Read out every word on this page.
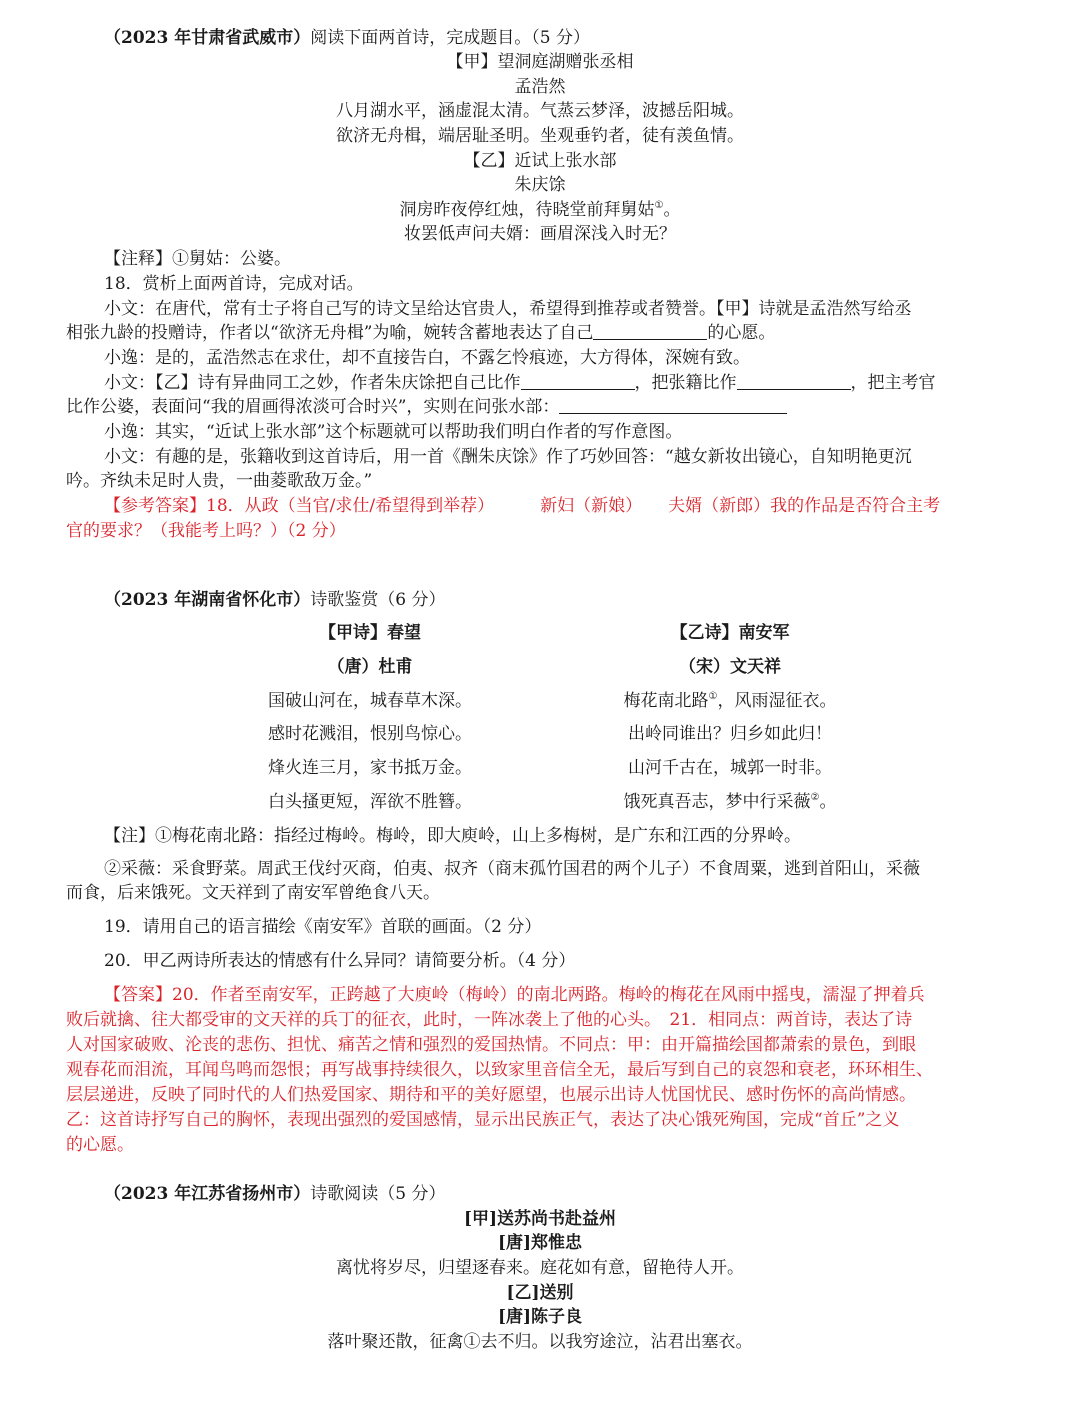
（2023 年甘肃省武威市）阅读下面两首诗，完成题目。（5 分）
【甲】望洞庭湖赠张丞相
孟浩然
八月湖水平，涵虚混太清。气蒸云梦泽，波撼岳阳城。
欲济无舟楫，端居耻圣明。坐观垂钓者，徒有羡鱼情。
【乙】近试上张水部
朱庆馀
洞房昨夜停红烛，待晓堂前拜舅姑①。
妆罢低声问夫婿：画眉深浅入时无？
【注释】①舅姑：公婆。
18．赏析上面两首诗，完成对话。
小文：在唐代，常有士子将自己写的诗文呈给达官贵人，希望得到推荐或者赞誉。【甲】诗就是孟浩然写给丞
相张九龄的投赠诗，作者以“欲济无舟楫”为喻，婉转含蓄地表达了自己	的心愿。
小逸：是的，孟浩然志在求仕，却不直接告白，不露乞怜痕迹，大方得体，深婉有致。
小文：【乙】诗有异曲同工之妙，作者朱庆馀把自己比作	，把张籍比作	，把主考官
比作公婆，表面问“我的眉画得浓淡可合时兴”，实则在问张水部：
小逸：其实，“近试上张水部”这个标题就可以帮助我们明白作者的写作意图。
小文：有趣的是，张籍收到这首诗后，用一首《酬朱庆馀》作了巧妙回答：“越女新妆出镜心，自知明艳更沉
吟。齐纨未足时人贵，一曲菱歌敌万金。”
【参考答案】18．从政（当官/求仕/希望得到举荐）	新妇（新娘） 夫婿（新郎）我的作品是否符合主考
官的要求？（我能考上吗？）（2 分）
（2023 年湖南省怀化市）诗歌鉴赏（6 分）
【甲诗】春望
（唐）杜甫
国破山河在，城春草木深。
感时花溅泪，恨别鸟惊心。
烽火连三月，家书抵万金。
白头搔更短，浑欲不胜簪。
【乙诗】南安军
（宋）文天祥
梅花南北路①，风雨湿征衣。
出岭同谁出？归乡如此归！
山河千古在，城郭一时非。
饿死真吾志，梦中行采薇②。
【注】①梅花南北路：指经过梅岭。梅岭，即大庾岭，山上多梅树，是广东和江西的分界岭。
②采薇：采食野菜。周武王伐纣灭商，伯夷、叔齐（商末孤竹国君的两个儿子）不食周粟，逃到首阳山，采薇
而食，后来饿死。文天祥到了南安军曾绝食八天。
19．请用自己的语言描绘《南安军》首联的画面。（2 分）
20．甲乙两诗所表达的情感有什么异同？请简要分析。（4 分）
【答案】20．作者至南安军，正跨越了大庾岭（梅岭）的南北两路。梅岭的梅花在风雨中摇曳，濡湿了押着兵
败后就擒、往大都受审的文天祥的兵丁的征衣，此时，一阵冰袭上了他的心头。　21．相同点：两首诗，表达了诗
人对国家破败、沦丧的悲伤、担忧、痛苦之情和强烈的爱国热情。不同点：甲：由开篇描绘国都萧索的景色，到眼
观春花而泪流，耳闻鸟鸣而怨恨；再写战事持续很久，以致家里音信全无，最后写到自己的哀怨和衰老，环环相生、
层层递进，反映了同时代的人们热爱国家、期待和平的美好愿望，也展示出诗人忧国忧民、感时伤怀的高尚情感。
乙：这首诗抒写自己的胸怀，表现出强烈的爱国感情，显示出民族正气，表达了决心饿死殉国，完成“首丘”之义
的心愿。
（2023 年江苏省扬州市）诗歌阅读（5 分）
[甲]送苏尚书赴益州
[唐]郑惟忠
离忧将岁尽，归望逐春来。庭花如有意，留艳待人开。
[乙]送别
[唐]陈子良
落叶聚还散，征禽①去不归。以我穷途泣，沾君出塞衣。
